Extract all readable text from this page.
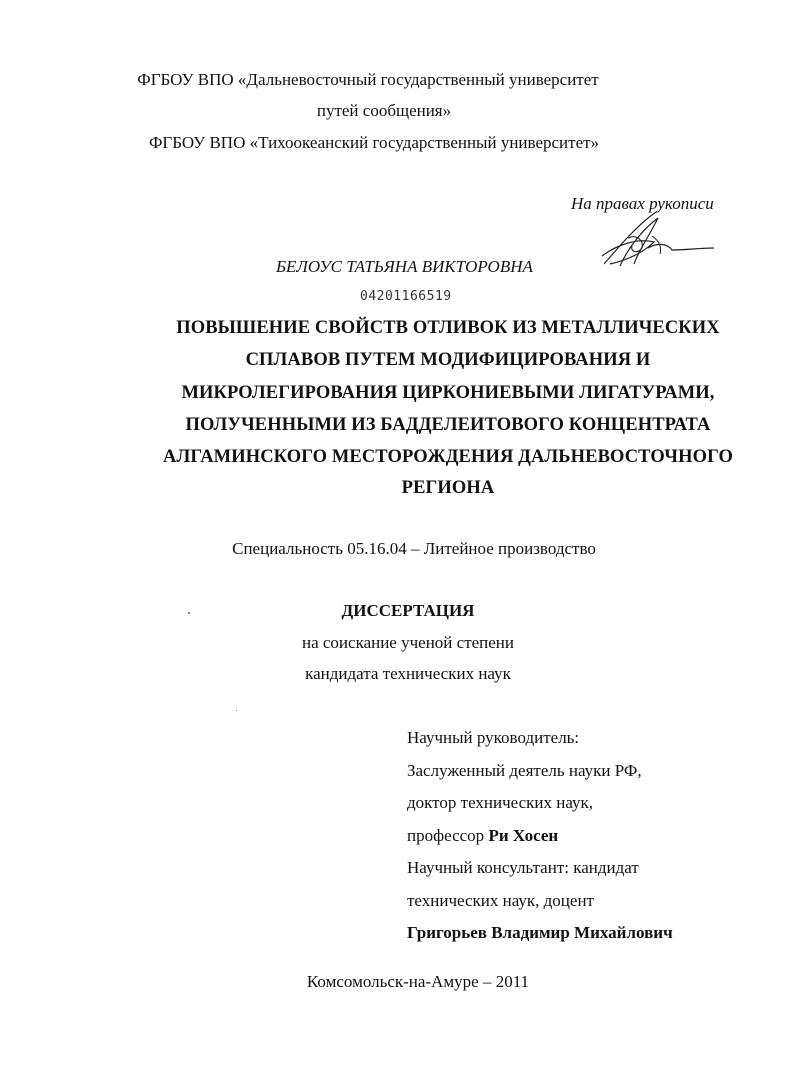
ФГБОУ ВПО «Дальневосточный государственный университет
путей сообщения»
ФГБОУ ВПО «Тихоокеанский государственный университет»
На правах рукописи
БЕЛОУС ТАТЬЯНА ВИКТОРОВНА
04201166519
ПОВЫШЕНИЕ СВОЙСТВ ОТЛИВОК ИЗ МЕТАЛЛИЧЕСКИХ
СПЛАВОВ ПУТЕМ МОДИФИЦИРОВАНИЯ И
МИКРОЛЕГИРОВАНИЯ ЦИРКОНИЕВЫМИ ЛИГАТУРАМИ,
ПОЛУЧЕННЫМИ ИЗ БАДДЕЛЕИТОВОГО КОНЦЕНТРАТА
АЛГАМИНСКОГО МЕСТОРОЖДЕНИЯ ДАЛЬНЕВОСТОЧНОГО
РЕГИОНА
Специальность 05.16.04 – Литейное производство
ДИССЕРТАЦИЯ
на соискание ученой степени
кандидата технических наук
Научный руководитель:
Заслуженный деятель науки РФ,
доктор технических наук,
профессор Ри Хосен
Научный консультант: кандидат
технических наук, доцент
Григорьев Владимир Михайлович
Комсомольск-на-Амуре – 2011
